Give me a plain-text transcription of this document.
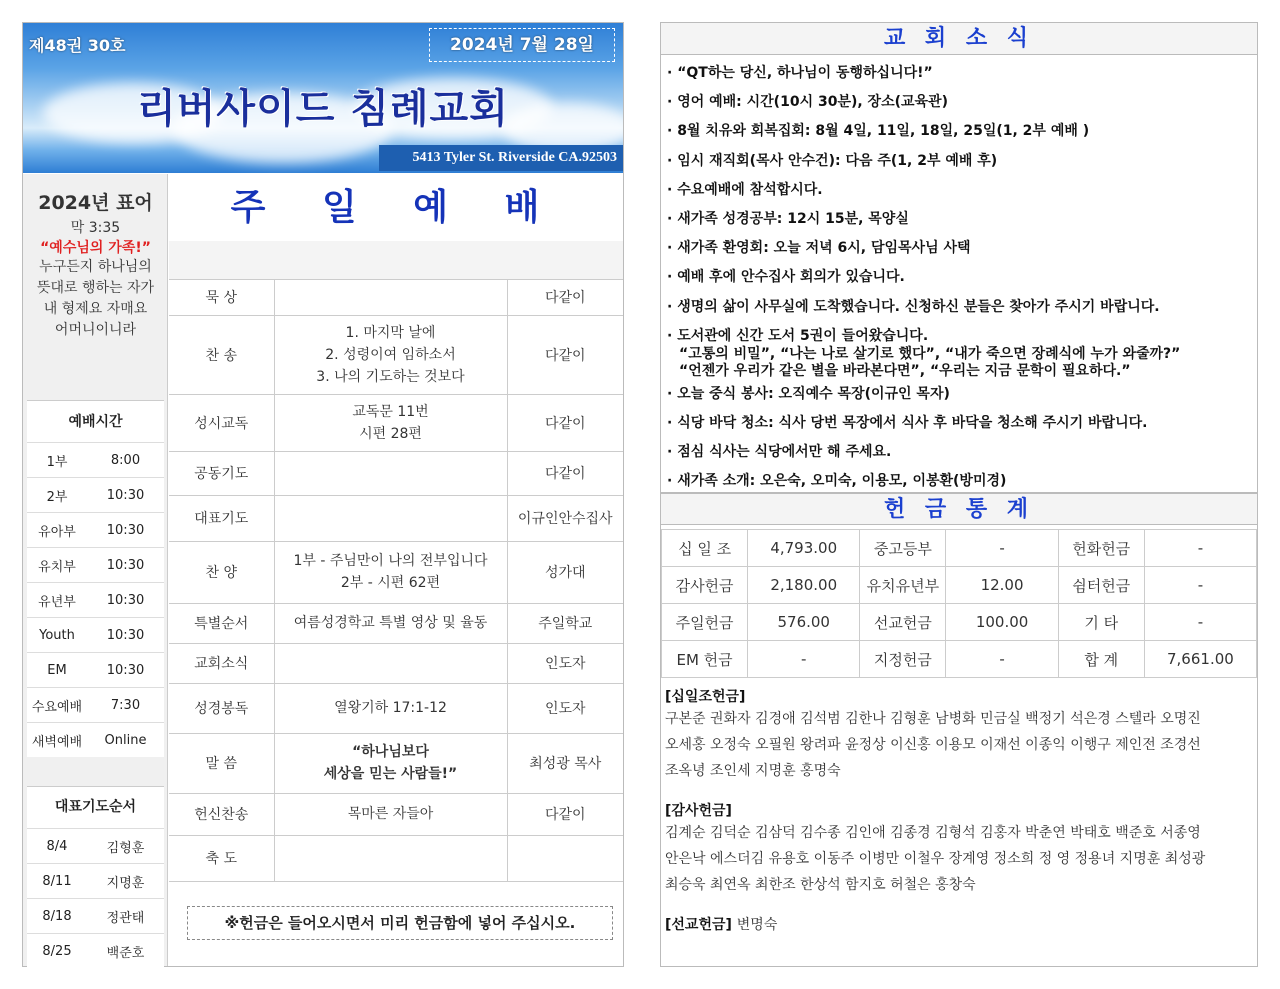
제48권 30호	2024년 7월 28일
리버사이드 침례교회
5413 Tyler St. Riverside CA.92503
2024년 표어
막 3:35
“예수님의 가족!”
누구든지 하나님의
뜻대로 행하는 자가
내 형제요 자매요
어머니이니라
예배시간
1부	8:00
2부	10:30
유아부	10:30
유치부	10:30
유년부	10:30
Youth	10:30
EM	10:30
수요예배	7:30
새벽예배	Online
대표기도순서
8/4	김형훈
8/11	지명훈
8/18	정관태
8/25	백준호
주 일 예 배

묵 상		다같이
찬 송	1. 마지막 날에
2. 성령이여 임하소서
3. 나의 기도하는 것보다	다같이
성시교독	교독문 11번
시편 28편	다같이
공동기도		다같이
대표기도		이규인안수집사
찬 양	1부 - 주님만이 나의 전부입니다
2부 - 시편 62편	성가대
특별순서	여름성경학교 특별 영상 및 율동	주일학교
교회소식		인도자
성경봉독	열왕기하 17:1-12	인도자
말 씀	“하나님보다
세상을 믿는 사람들!”	최성광 목사
헌신찬송	목마른 자들아	다같이
축 도		
※헌금은 들어오시면서 미리 헌금함에 넣어 주십시오.
교 회 소 식
· “QT하는 당신, 하나님이 동행하십니다!”
· 영어 예배: 시간(10시 30분), 장소(교육관)
· 8월 치유와 회복집회: 8월 4일, 11일, 18일, 25일(1, 2부 예배 )
· 임시 재직회(목사 안수건): 다음 주(1, 2부 예배 후)
· 수요예배에 참석합시다.
· 새가족 성경공부: 12시 15분, 목양실
· 새가족 환영회: 오늘 저녁 6시, 담임목사님 사택
· 예배 후에 안수집사 회의가 있습니다.
· 생명의 삶이 사무실에 도착했습니다. 신청하신 분들은 찾아가 주시기 바랍니다.
· 도서관에 신간 도서 5권이 들어왔습니다.
“고통의 비밀”, “나는 나로 살기로 했다”, “내가 죽으면 장례식에 누가 와줄까?”
“언젠가 우리가 같은 별을 바라본다면”, “우리는 지금 문학이 필요하다.”
· 오늘 중식 봉사: 오직예수 목장(이규인 목자)
· 식당 바닥 청소: 식사 당번 목장에서 식사 후 바닥을 청소해 주시기 바랍니다.
· 점심 식사는 식당에서만 해 주세요.
· 새가족 소개: 오은숙, 오미숙, 이용모, 이봉환(방미경)
헌 금 통 계
십 일 조	4,793.00	중고등부	-	헌화헌금	-
감사헌금	2,180.00	유치유년부	12.00	쉼터헌금	-
주일헌금	576.00	선교헌금	100.00	기 타	-
EM 헌금	-	지정헌금	-	합 계	7,661.00
[십일조헌금]

구본준 권화자 김경애 김석범 김한나 김형훈 남병화 민금실 백정기 석은경 스텔라 오명진

오세홍 오정숙 오필원 왕려파 윤정상 이신홍 이용모 이재선 이종익 이행구 제인전 조경선

조옥녕 조인세 지명훈 홍명숙

[감사헌금]

김계순 김덕순 김삼덕 김수종 김인애 김종경 김형석 김홍자 박춘연 박태호 백준호 서종영

안은낙 에스더김 유용호 이동주 이병만 이철우 장계영 정소희 정 영 정용녀 지명훈 최성광

최승욱 최연옥 최한조 한상석 함지호 허철은 홍창숙

[선교헌금] 변명숙
